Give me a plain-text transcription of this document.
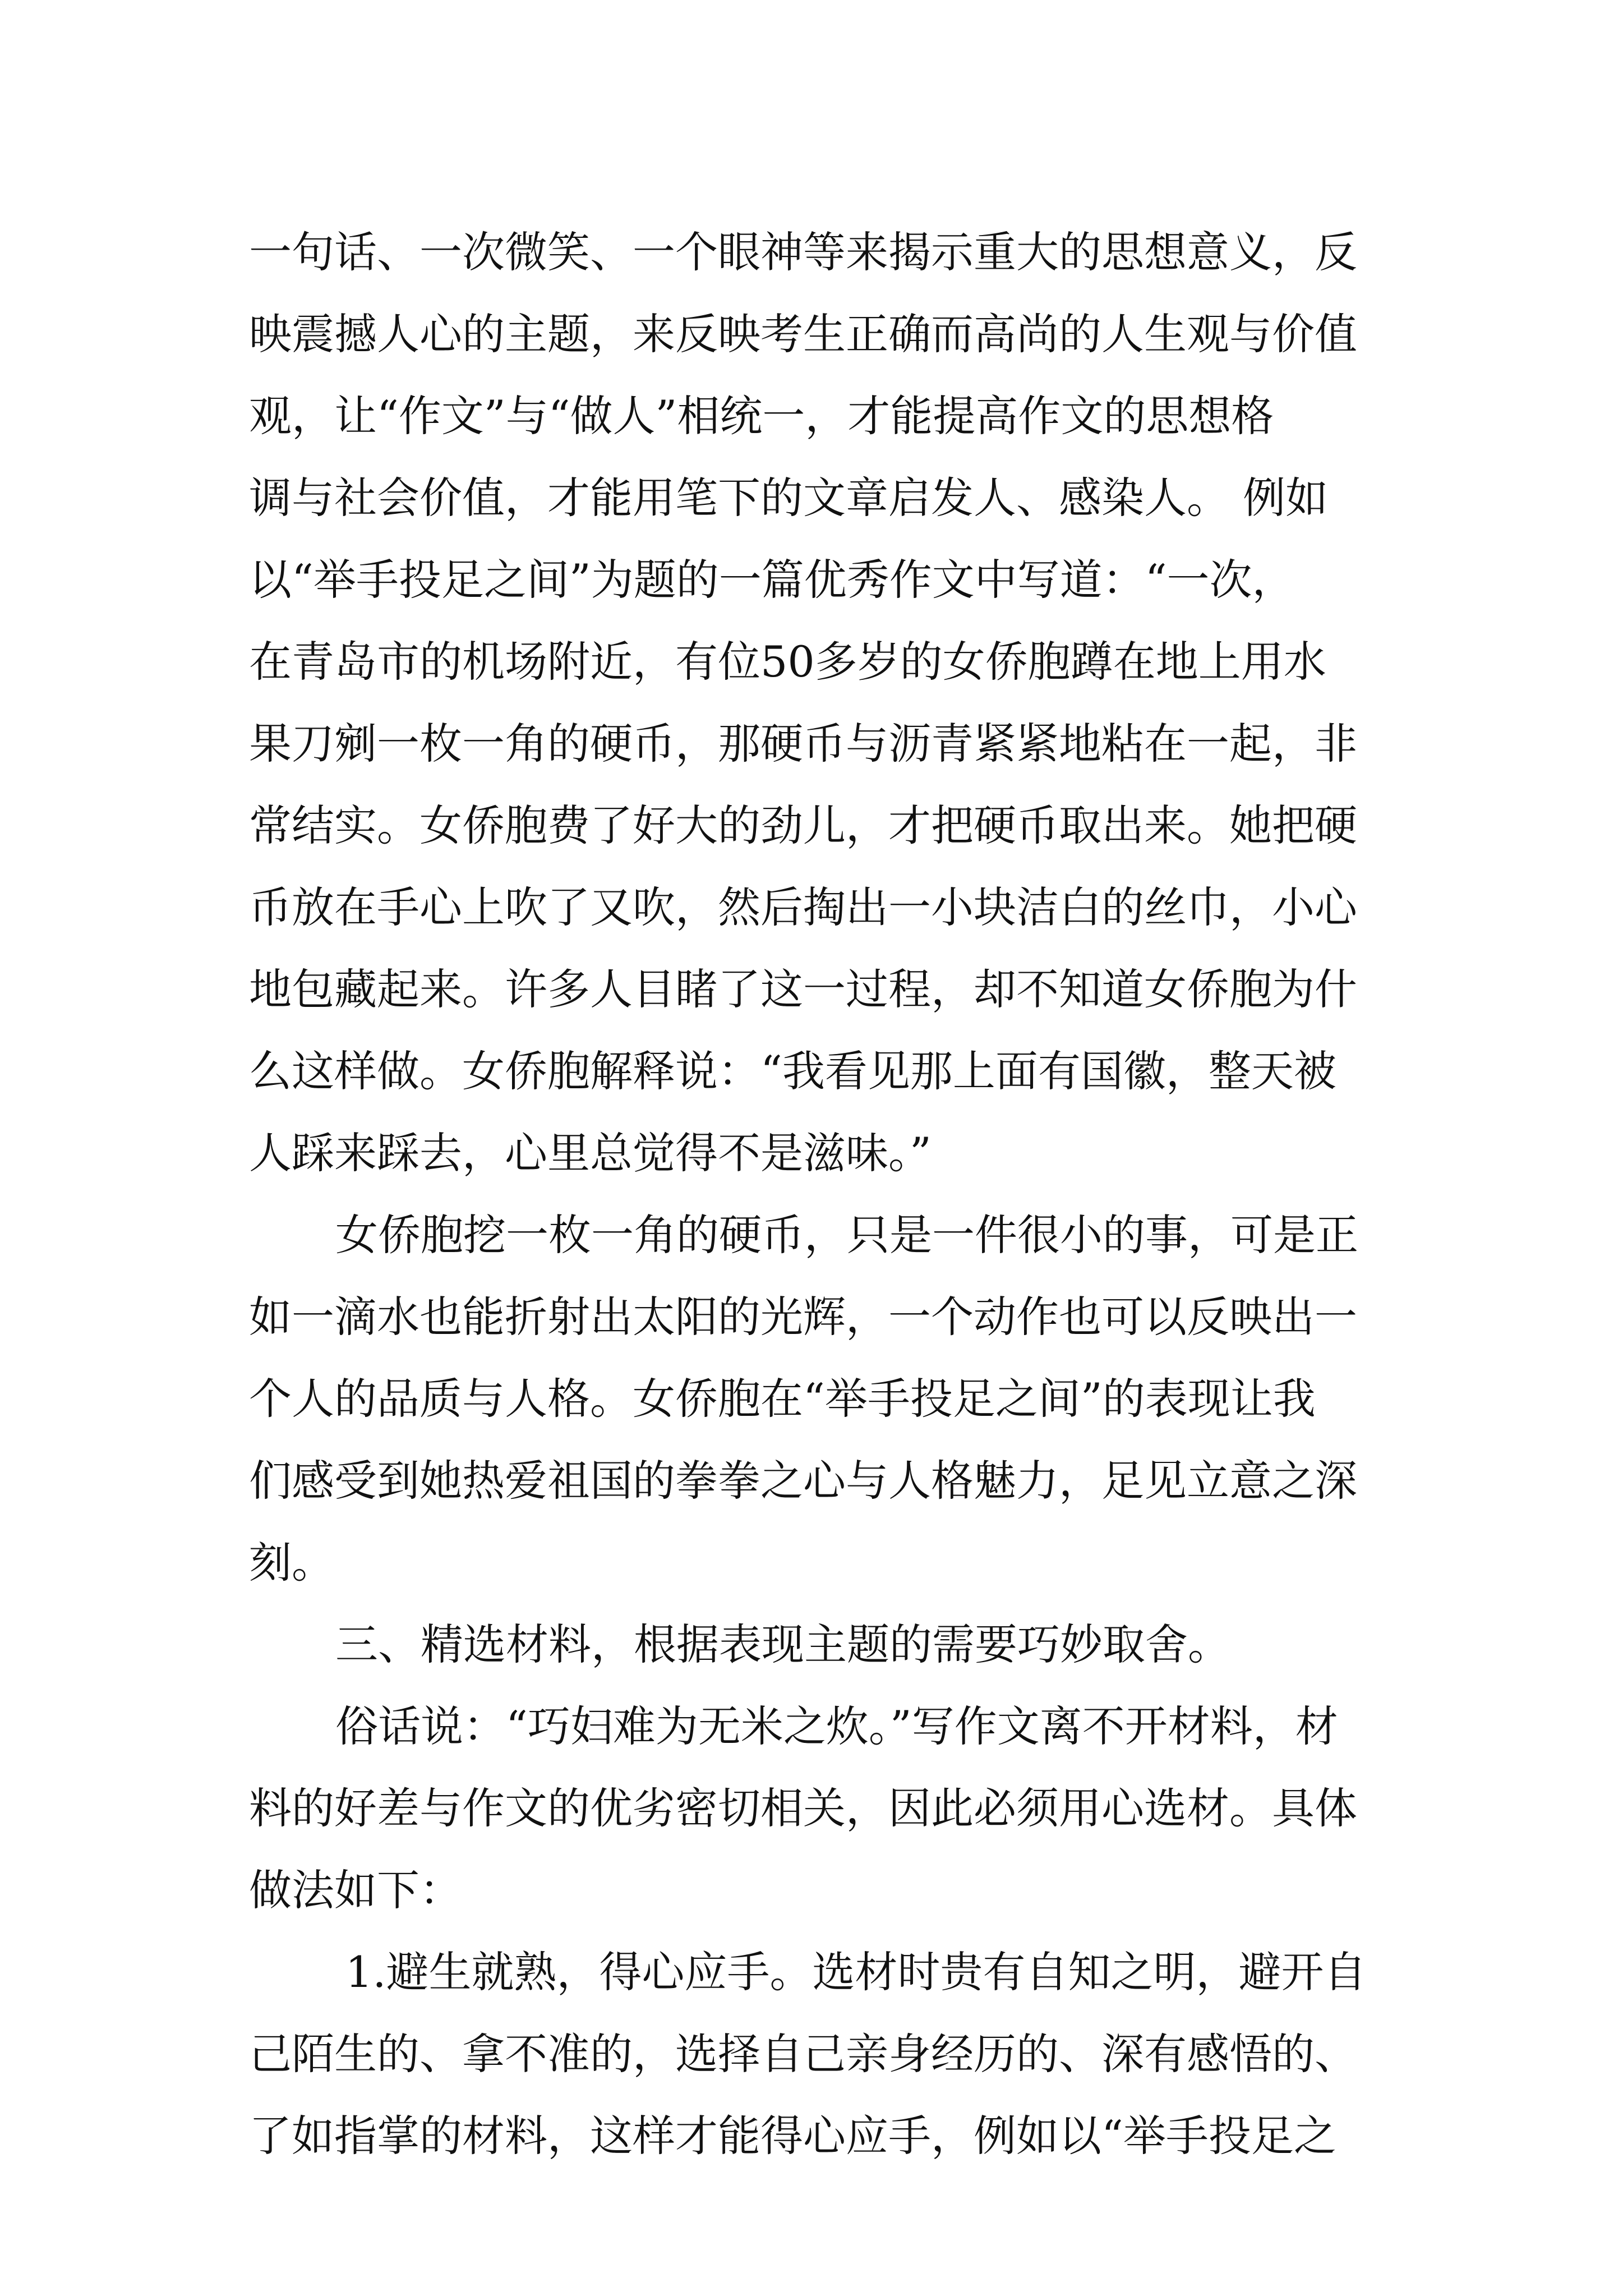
一句话、一次微笑、一个眼神等来揭示重大的思想意义，反
映震撼人心的主题，来反映考生正确而高尚的人生观与价值
观，让“作文”与“做人”相统一，才能提高作文的思想格
调与社会价值，才能用笔下的文章启发人、感染人。 例如
以“举手投足之间”为题的一篇优秀作文中写道：“一次，
在青岛市的机场附近，有位50多岁的女侨胞蹲在地上用水
果刀剜一枚一角的硬币，那硬币与沥青紧紧地粘在一起，非
常结实。女侨胞费了好大的劲儿，才把硬币取出来。她把硬
币放在手心上吹了又吹，然后掏出一小块洁白的丝巾，小心
地包藏起来。许多人目睹了这一过程，却不知道女侨胞为什
么这样做。女侨胞解释说：“我看见那上面有国徽，整天被
人踩来踩去，心里总觉得不是滋味。”
女侨胞挖一枚一角的硬币，只是一件很小的事，可是正
如一滴水也能折射出太阳的光辉，一个动作也可以反映出一
个人的品质与人格。女侨胞在“举手投足之间”的表现让我
们感受到她热爱祖国的拳拳之心与人格魅力，足见立意之深
刻。
三、精选材料，根据表现主题的需要巧妙取舍。
俗话说：“巧妇难为无米之炊。”写作文离不开材料，材
料的好差与作文的优劣密切相关，因此必须用心选材。具体
做法如下：
1.避生就熟，得心应手。选材时贵有自知之明，避开自
己陌生的、拿不准的，选择自己亲身经历的、深有感悟的、
了如指掌的材料，这样才能得心应手，例如以“举手投足之
